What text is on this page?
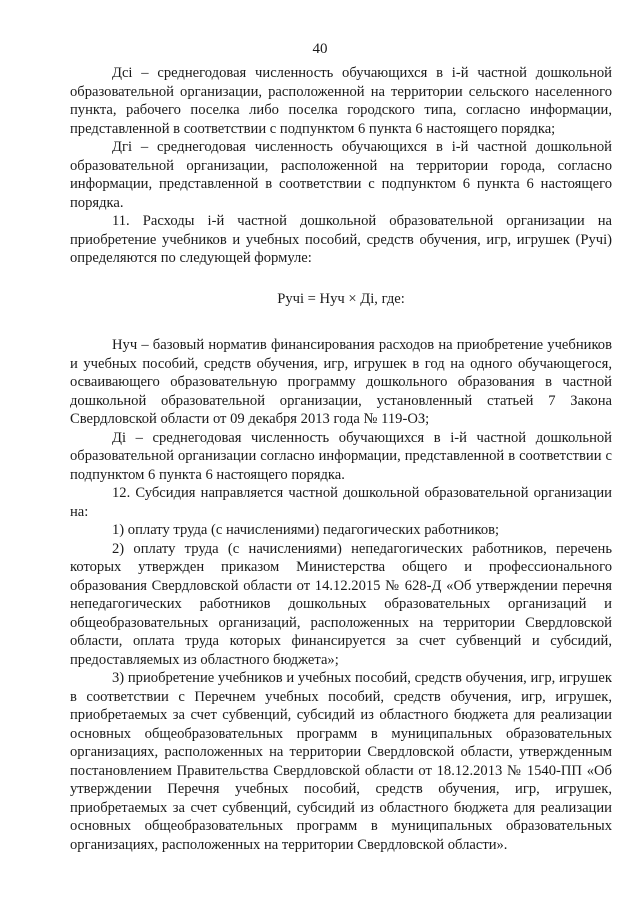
40

Дсі – среднегодовая численность обучающихся в і-й частной дошкольной образовательной организации, расположенной на территории сельского населенного пункта, рабочего поселка либо поселка городского типа, согласно информации, представленной в соответствии с подпунктом 6 пункта 6 настоящего порядка;

Дгі – среднегодовая численность обучающихся в і-й частной дошкольной образовательной организации, расположенной на территории города, согласно информации, представленной в соответствии с подпунктом 6 пункта 6 настоящего порядка.

11. Расходы і-й частной дошкольной образовательной организации на приобретение учебников и учебных пособий, средств обучения, игр, игрушек (Ручі) определяются по следующей формуле:

Ручі = Нуч × Ді, где:

Нуч – базовый норматив финансирования расходов на приобретение учебников и учебных пособий, средств обучения, игр, игрушек в год на одного обучающегося, осваивающего образовательную программу дошкольного образования в частной дошкольной образовательной организации, установленный статьей 7 Закона Свердловской области от 09 декабря 2013 года № 119-ОЗ;

Ді – среднегодовая численность обучающихся в і-й частной дошкольной образовательной организации согласно информации, представленной в соответствии с подпунктом 6 пункта 6 настоящего порядка.

12. Субсидия направляется частной дошкольной образовательной организации на:

1) оплату труда (с начислениями) педагогических работников;

2) оплату труда (с начислениями) непедагогических работников, перечень которых утвержден приказом Министерства общего и профессионального образования Свердловской области от 14.12.2015 № 628-Д «Об утверждении перечня непедагогических работников дошкольных образовательных организаций и общеобразовательных организаций, расположенных на территории Свердловской области, оплата труда которых финансируется за счет субвенций и субсидий, предоставляемых из областного бюджета»;

3) приобретение учебников и учебных пособий, средств обучения, игр, игрушек в соответствии с Перечнем учебных пособий, средств обучения, игр, игрушек, приобретаемых за счет субвенций, субсидий из областного бюджета для реализации основных общеобразовательных программ в муниципальных образовательных организациях, расположенных на территории Свердловской области, утвержденным постановлением Правительства Свердловской области от 18.12.2013 № 1540-ПП «Об утверждении Перечня учебных пособий, средств обучения, игр, игрушек, приобретаемых за счет субвенций, субсидий из областного бюджета для реализации основных общеобразовательных программ в муниципальных образовательных организациях, расположенных на территории Свердловской области».
